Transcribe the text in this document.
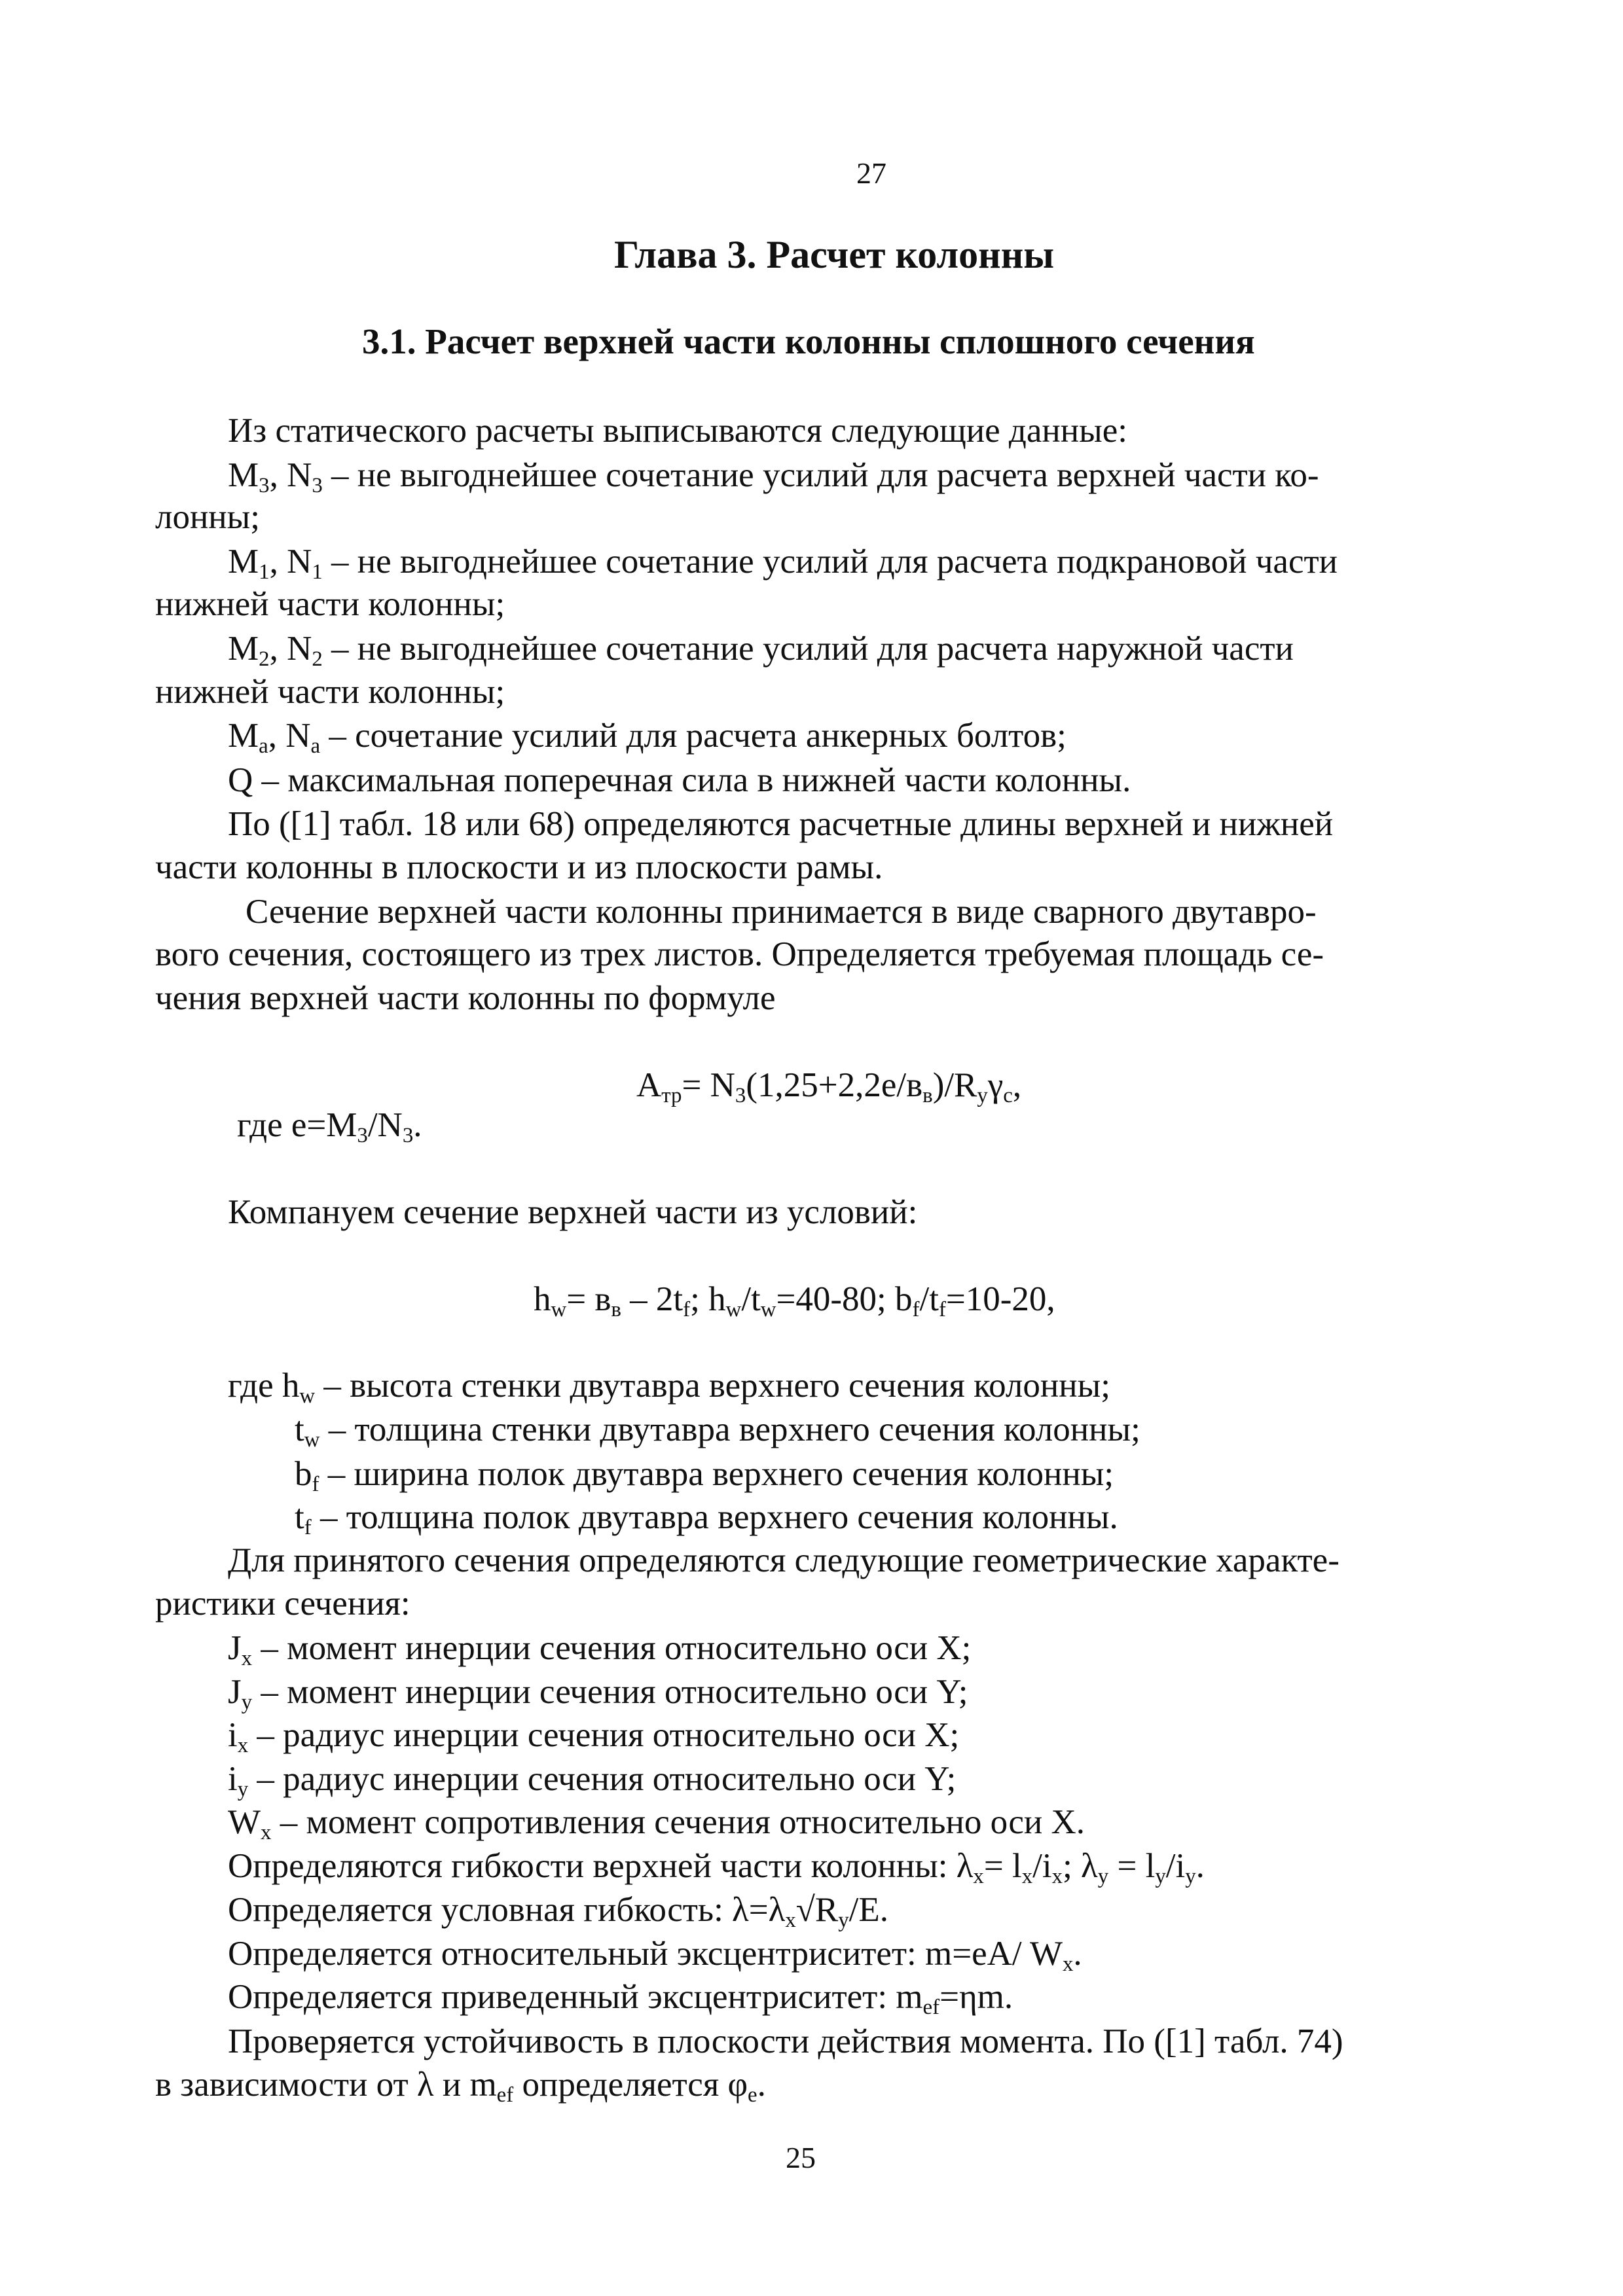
27
Глава 3. Расчет колонны
3.1. Расчет верхней части колонны сплошного сечения
Из статического расчеты выписываются следующие данные:
$M_3$, $N_3$ – не выгоднейшее сочетание усилий для расчета верхней части ко-
лонны;
$M_1$, $N_1$ – не выгоднейшее сочетание усилий для расчета подкрановой части
нижней части колонны;
$M_2$, $N_2$ – не выгоднейшее сочетание усилий для расчета наружной части
нижней части колонны;
$M_a$, $N_a$ – сочетание усилий для расчета анкерных болтов;
Q – максимальная поперечная сила в нижней части колонны.
По ([1] табл. 18 или 68) определяются расчетные длины верхней и нижней
части колонны в плоскости и из плоскости рамы.
Сечение верхней части колонны принимается в виде сварного двутавро-
вого сечения, состоящего из трех листов. Определяется требуемая площадь се-
чения верхней части колонны по формуле
$A_{тр}= N_3(1,25+2,2e/в_в)/R_y\gamma_c$,
где $e=M_3/N_3$.
Компануем сечение верхней части из условий:
$h_w= в_в - 2t_f$; $h_w/t_w=40-80$; $b_f/t_f=10-20$,
где $h_w$ – высота стенки двутавра верхнего сечения колонны;
$t_w$ – толщина стенки двутавра верхнего сечения колонны;
$b_f$ – ширина полок двутавра верхнего сечения колонны;
$t_f$ – толщина полок двутавра верхнего сечения колонны.
Для принятого сечения определяются следующие геометрические характе-
ристики сечения:
$J_x$ – момент инерции сечения относительно оси X;
$J_y$ – момент инерции сечения относительно оси Y;
$i_x$ – радиус инерции сечения относительно оси X;
$i_y$ – радиус инерции сечения относительно оси Y;
$W_x$ – момент сопротивления сечения относительно оси X.
Определяются гибкости верхней части колонны: $\lambda_x= l_x/i_x$; $\lambda_y = l_y/i_y$.
Определяется условная гибкость: $\lambda=\lambda_x√R_y/E$.
Определяется относительный эксцентриситет: m=eA/ $W_x$.
Определяется приведенный эксцентриситет: $m_{ef}=\eta m$.
Проверяется устойчивость в плоскости действия момента. По ([1] табл. 74)
в зависимости от λ и $m_{ef}$ определяется $\varphi_e$.
25
